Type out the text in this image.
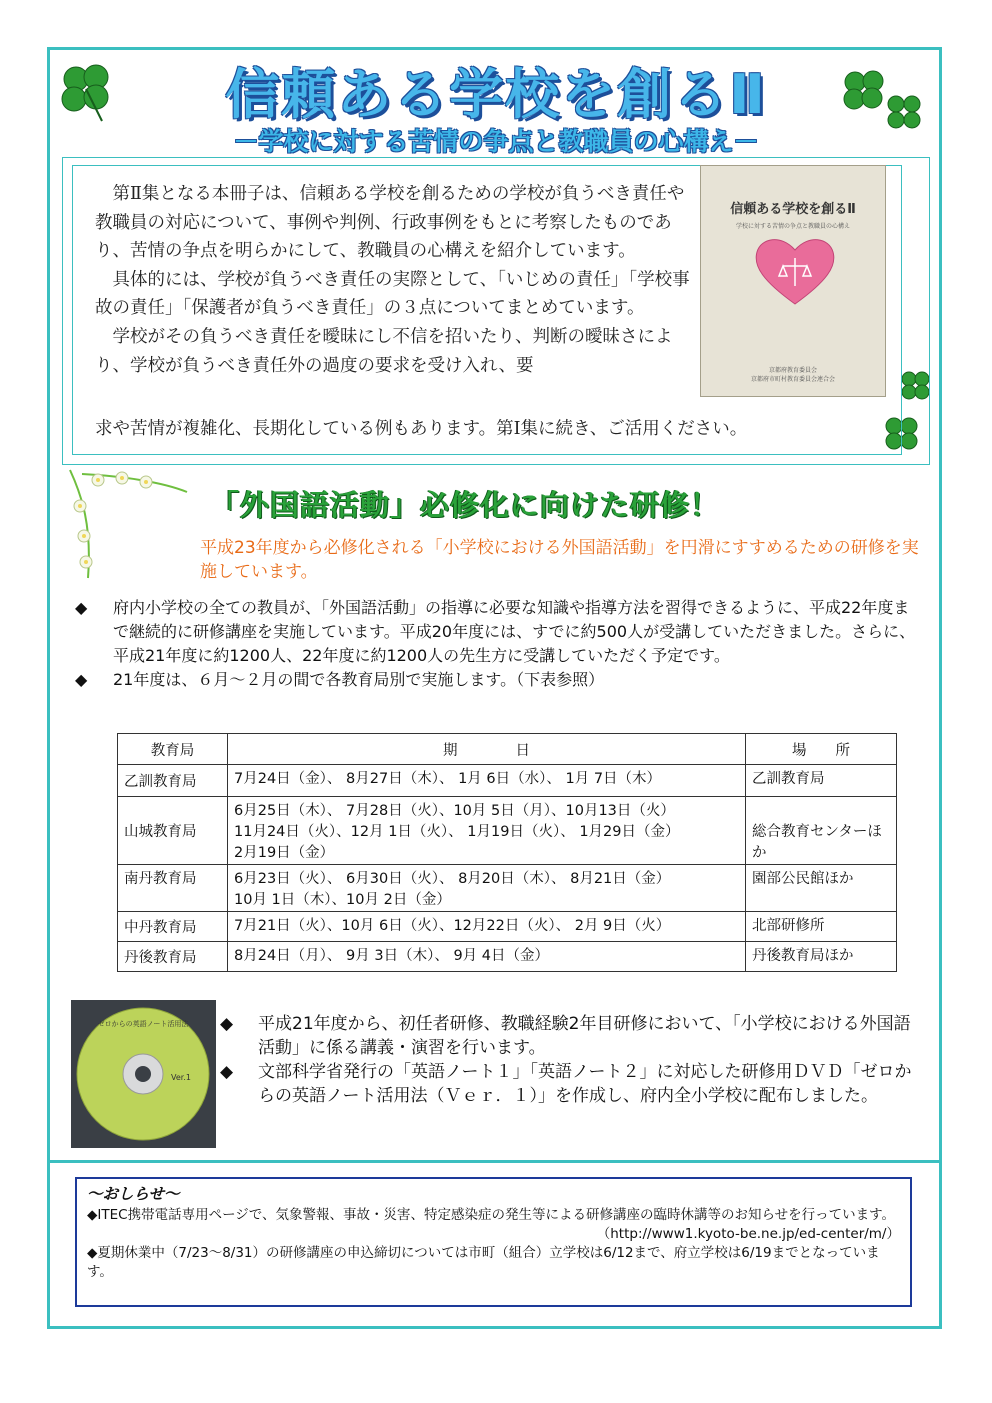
信頼ある学校を創るⅡ
－学校に対する苦情の争点と教職員の心構え－

第Ⅱ集となる本冊子は、信頼ある学校を創るための学校が負うべき責任や教職員の対応について、事例や判例、行政事例をもとに考察したものであり、苦情の争点を明らかにして、教職員の心構えを紹介しています。

具体的には、学校が負うべき責任の実際として、「いじめの責任」「学校事故の責任」「保護者が負うべき責任」の３点についてまとめています。

学校がその負うべき責任を曖昧にし不信を招いたり、判断の曖昧さにより、学校が負うべき責任外の過度の要求を受け入れ、要

求や苦情が複雑化、長期化している例もあります。第Ⅰ集に続き、ご活用ください。
信頼ある学校を創るⅡ
学校に対する苦情の争点と教職員の心構え
京都府教育委員会
京都府市町村教育委員会連合会
「外国語活動」必修化に向けた研修！
平成23年度から必修化される「小学校における外国語活動」を円滑にすすめるための研修を実施しています。
◆	府内小学校の全ての教員が、「外国語活動」の指導に必要な知識や指導方法を習得できるように、平成22年度まで継続的に研修講座を実施しています。平成20年度には、すでに約500人が受講していただきました。さらに、平成21年度に約1200人、22年度に約1200人の先生方に受講していただく予定です。
◆	21年度は、６月～２月の間で各教育局別で実施します。（下表参照）
教育局	期　　　　日	場　　所
乙訓教育局	7月24日（金）、 8月27日（木）、 1月 6日（水）、 1月 7日（木）	乙訓教育局
山城教育局	6月25日（木）、 7月28日（火）、10月 5日（月）、10月13日（火）
11月24日（火）、12月 1日（火）、 1月19日（火）、 1月29日（金）
2月19日（金）	総合教育センターほか
南丹教育局	6月23日（火）、 6月30日（火）、 8月20日（木）、 8月21日（金）
10月 1日（木）、10月 2日（金）	園部公民館ほか
中丹教育局	7月21日（火）、10月 6日（火）、12月22日（火）、 2月 9日（火）	北部研修所
丹後教育局	8月24日（月）、 9月 3日（木）、 9月 4日（金）	丹後教育局ほか
ゼロからの英語ノート活用法
Ver.1
◆	平成21年度から、初任者研修、教職経験2年目研修において、「小学校における外国語活動」に係る講義・演習を行います。
◆	文部科学省発行の「英語ノート１」「英語ノート２」に対応した研修用ＤＶＤ「ゼロからの英語ノート活用法（Ｖｅｒ．１）」を作成し、府内全小学校に配布しました。
～おしらせ～

◆ITEC携帯電話専用ページで、気象警報、事故・災害、特定感染症の発生等による研修講座の臨時休講等のお知らせを行っています。

（http://www1.kyoto-be.ne.jp/ed-center/m/）

◆夏期休業中（7/23～8/31）の研修講座の申込締切については市町（組合）立学校は6/12まで、府立学校は6/19までとなっています。
